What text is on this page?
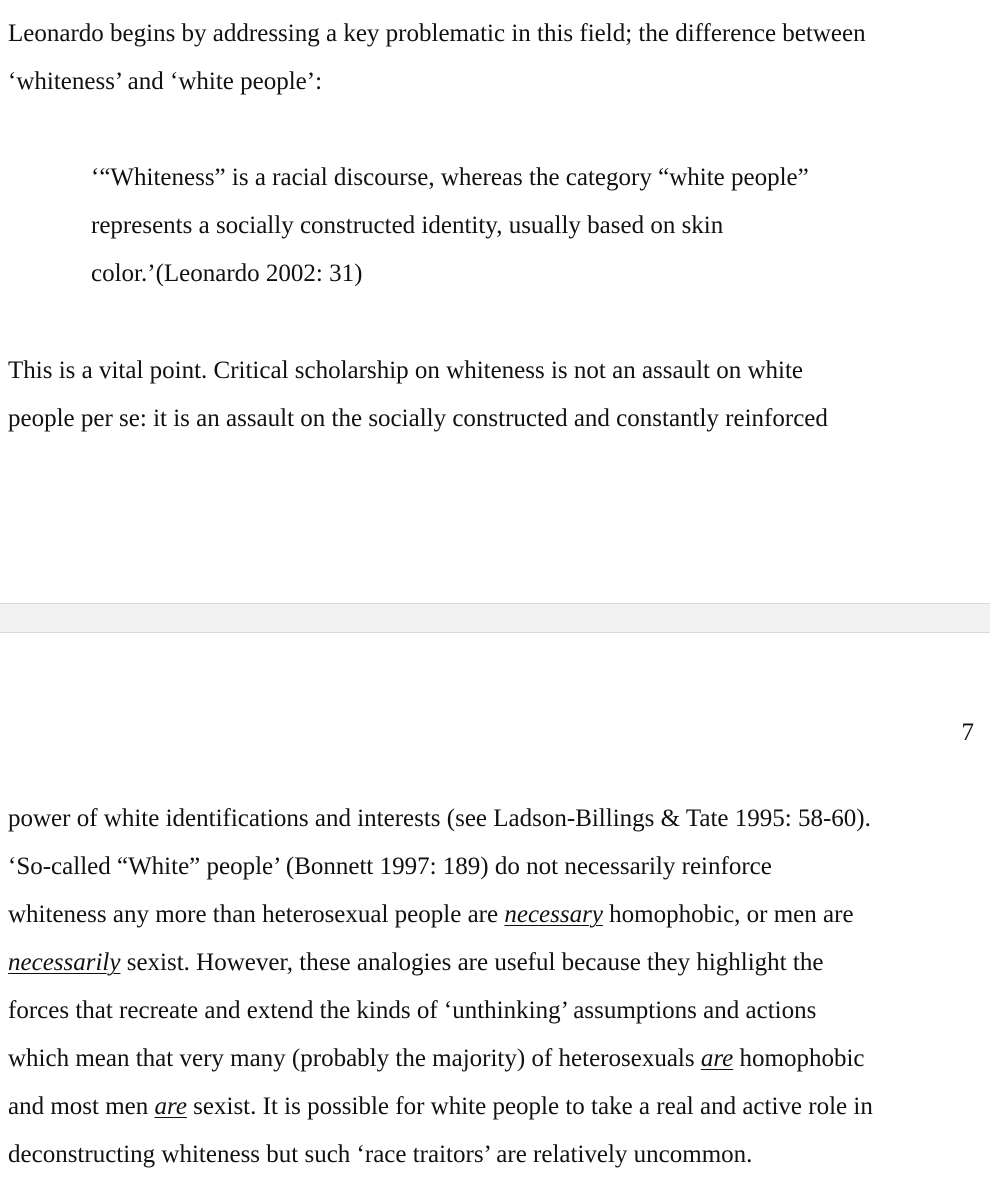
Leonardo begins by addressing a key problematic in this field; the difference between
‘whiteness’ and ‘white people’:

‘“Whiteness” is a racial discourse, whereas the category “white people”
represents a socially constructed identity, usually based on skin
color.’(Leonardo 2002: 31)

This is a vital point. Critical scholarship on whiteness is not an assault on white
people per se: it is an assault on the socially constructed and constantly reinforced

7

power of white identifications and interests (see Ladson-Billings & Tate 1995: 58-60).
‘So-called “White” people’ (Bonnett 1997: 189) do not necessarily reinforce
whiteness any more than heterosexual people are necessary homophobic, or men are
necessarily sexist. However, these analogies are useful because they highlight the
forces that recreate and extend the kinds of ‘unthinking’ assumptions and actions
which mean that very many (probably the majority) of heterosexuals are homophobic
and most men are sexist. It is possible for white people to take a real and active role in
deconstructing whiteness but such ‘race traitors’ are relatively uncommon.
